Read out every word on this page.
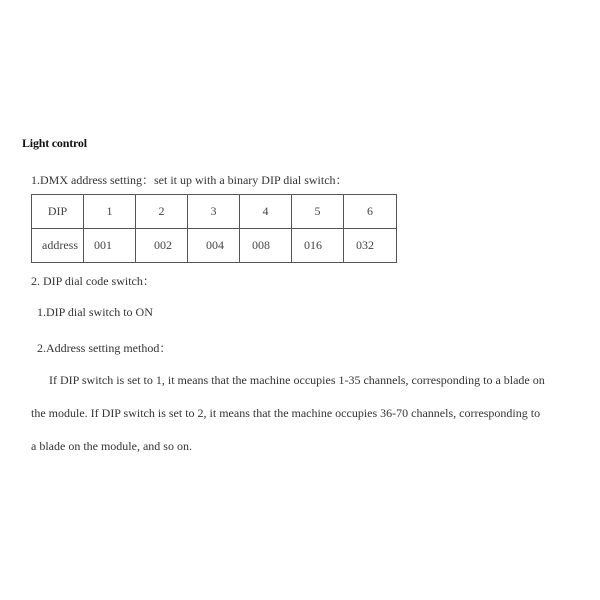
Light control
1.DMX address setting：set it up with a binary DIP dial switch：
DIP	1	2	3	4	5	6
address	001	002	004	008	016	032
2. DIP dial code switch：
1.DIP dial switch to ON
2.Address setting method：
If DIP switch is set to 1, it means that the machine occupies 1-35 channels, corresponding to a blade on
the module. If DIP switch is set to 2, it means that the machine occupies 36-70 channels, corresponding to
a blade on the module, and so on.
